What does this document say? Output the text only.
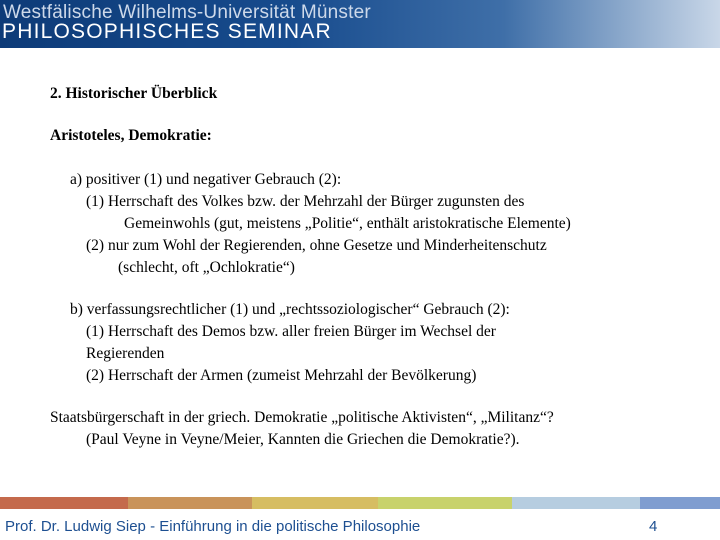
Westfälische Wilhelms-Universität Münster
PHILOSOPHISCHES SEMINAR
2. Historischer Überblick
Aristoteles, Demokratie:
a) positiver (1) und negativer Gebrauch (2):
(1) Herrschaft des Volkes bzw. der Mehrzahl der Bürger zugunsten des
Gemeinwohls (gut, meistens „Politie“, enthält aristokratische Elemente)
(2) nur zum Wohl der Regierenden, ohne Gesetze und Minderheitenschutz
(schlecht, oft „Ochlokratie“)
b) verfassungsrechtlicher (1) und „rechtssoziologischer“ Gebrauch (2):
(1) Herrschaft des Demos bzw. aller freien Bürger im Wechsel der
Regierenden
(2) Herrschaft der Armen (zumeist Mehrzahl der Bevölkerung)
Staatsbürgerschaft in der griech. Demokratie „politische Aktivisten“, „Militanz“?
(Paul Veyne in Veyne/Meier, Kannten die Griechen die Demokratie?).
Prof. Dr. Ludwig Siep - Einführung in die politische Philosophie	4
